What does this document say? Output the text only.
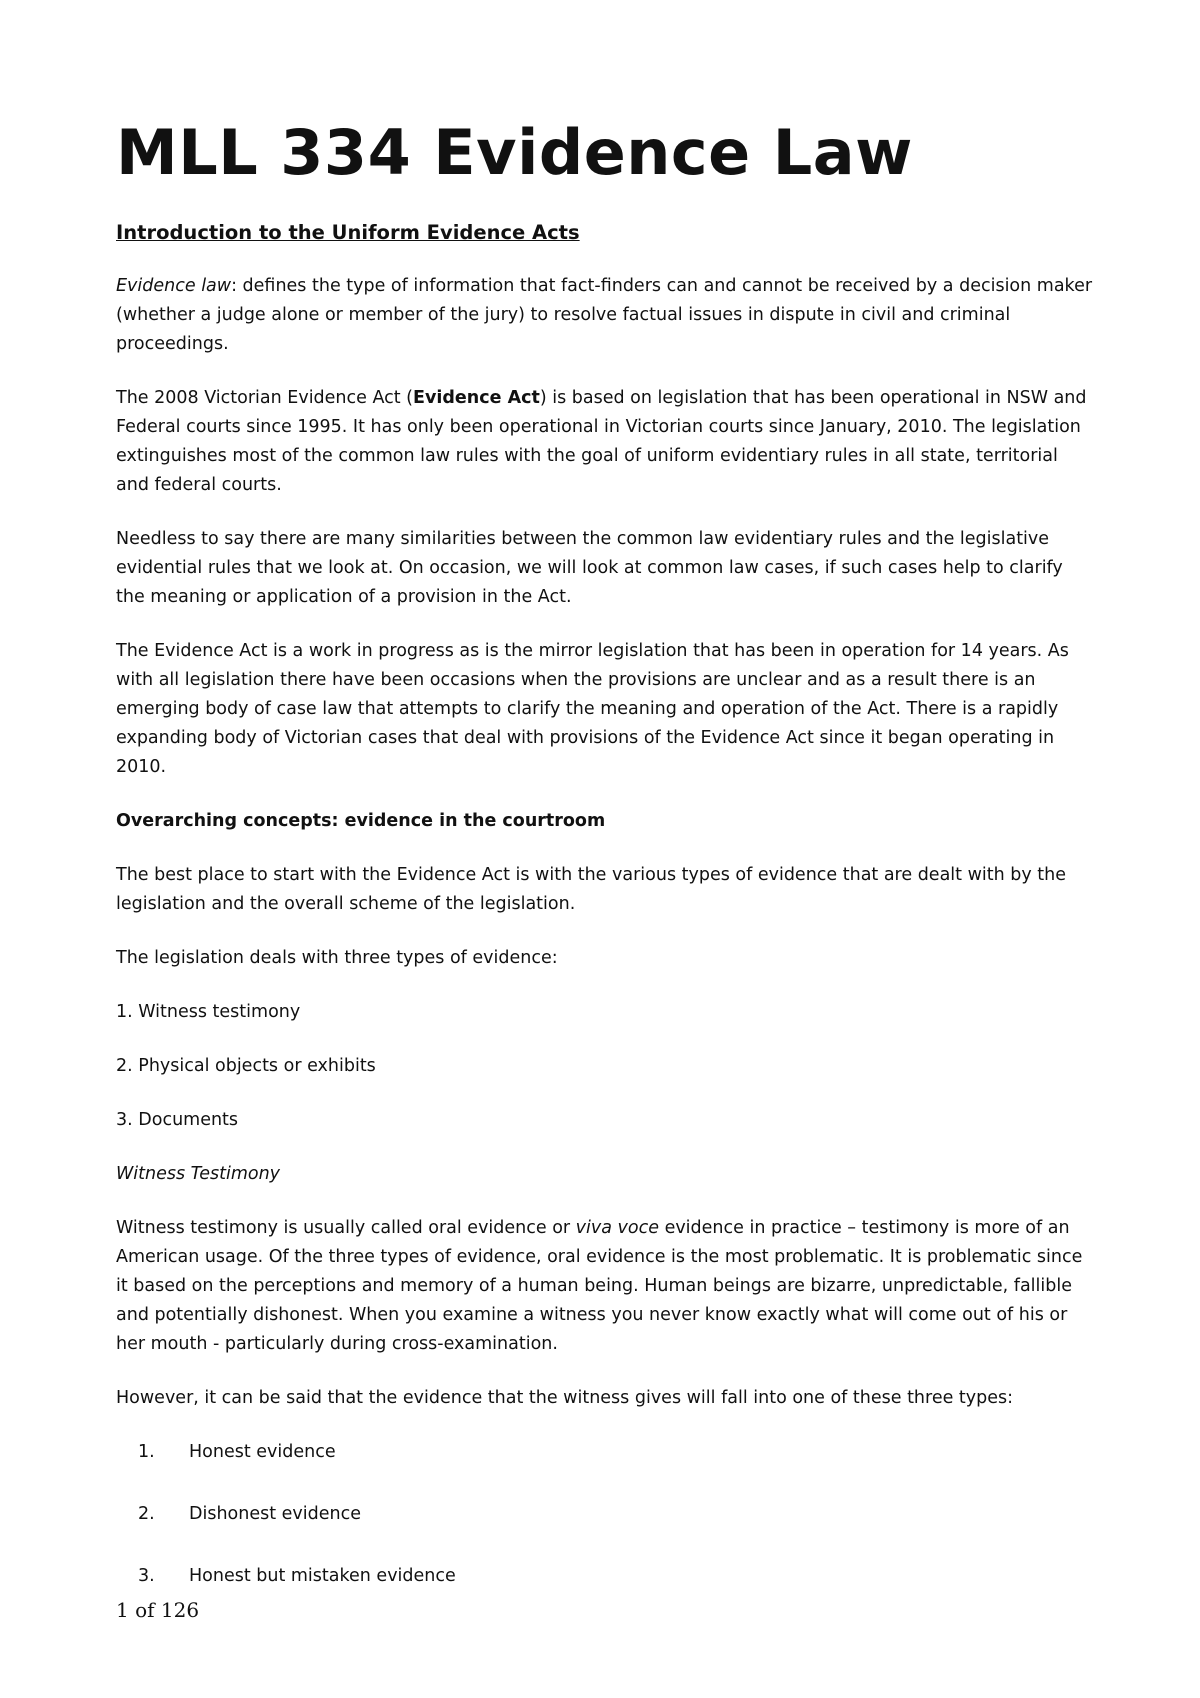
MLL 334 Evidence Law
Introduction to the Uniform Evidence Acts

Evidence law: defines the type of information that fact-finders can and cannot be received by a decision maker (whether a judge alone or member of the jury) to resolve factual issues in dispute in civil and criminal proceedings.

The 2008 Victorian Evidence Act (Evidence Act) is based on legislation that has been operational in NSW and Federal courts since 1995. It has only been operational in Victorian courts since January, 2010. The legislation extinguishes most of the common law rules with the goal of uniform evidentiary rules in all state, territorial and federal courts.

Needless to say there are many similarities between the common law evidentiary rules and the legislative evidential rules that we look at. On occasion, we will look at common law cases, if such cases help to clarify the meaning or application of a provision in the Act.

The Evidence Act is a work in progress as is the mirror legislation that has been in operation for 14 years. As with all legislation there have been occasions when the provisions are unclear and as a result there is an emerging body of case law that attempts to clarify the meaning and operation of the Act. There is a rapidly expanding body of Victorian cases that deal with provisions of the Evidence Act since it began operating in 2010.

Overarching concepts: evidence in the courtroom

The best place to start with the Evidence Act is with the various types of evidence that are dealt with by the legislation and the overall scheme of the legislation.

The legislation deals with three types of evidence:

1. Witness testimony

2. Physical objects or exhibits

3. Documents

Witness Testimony

Witness testimony is usually called oral evidence or viva voce evidence in practice – testimony is more of an American usage. Of the three types of evidence, oral evidence is the most problematic. It is problematic since it based on the perceptions and memory of a human being. Human beings are bizarre, unpredictable, fallible and potentially dishonest. When you examine a witness you never know exactly what will come out of his or her mouth - particularly during cross-examination.

However, it can be said that the evidence that the witness gives will fall into one of these three types:

1.	Honest evidence
2.	Dishonest evidence
3.	Honest but mistaken evidence
1 of 126
